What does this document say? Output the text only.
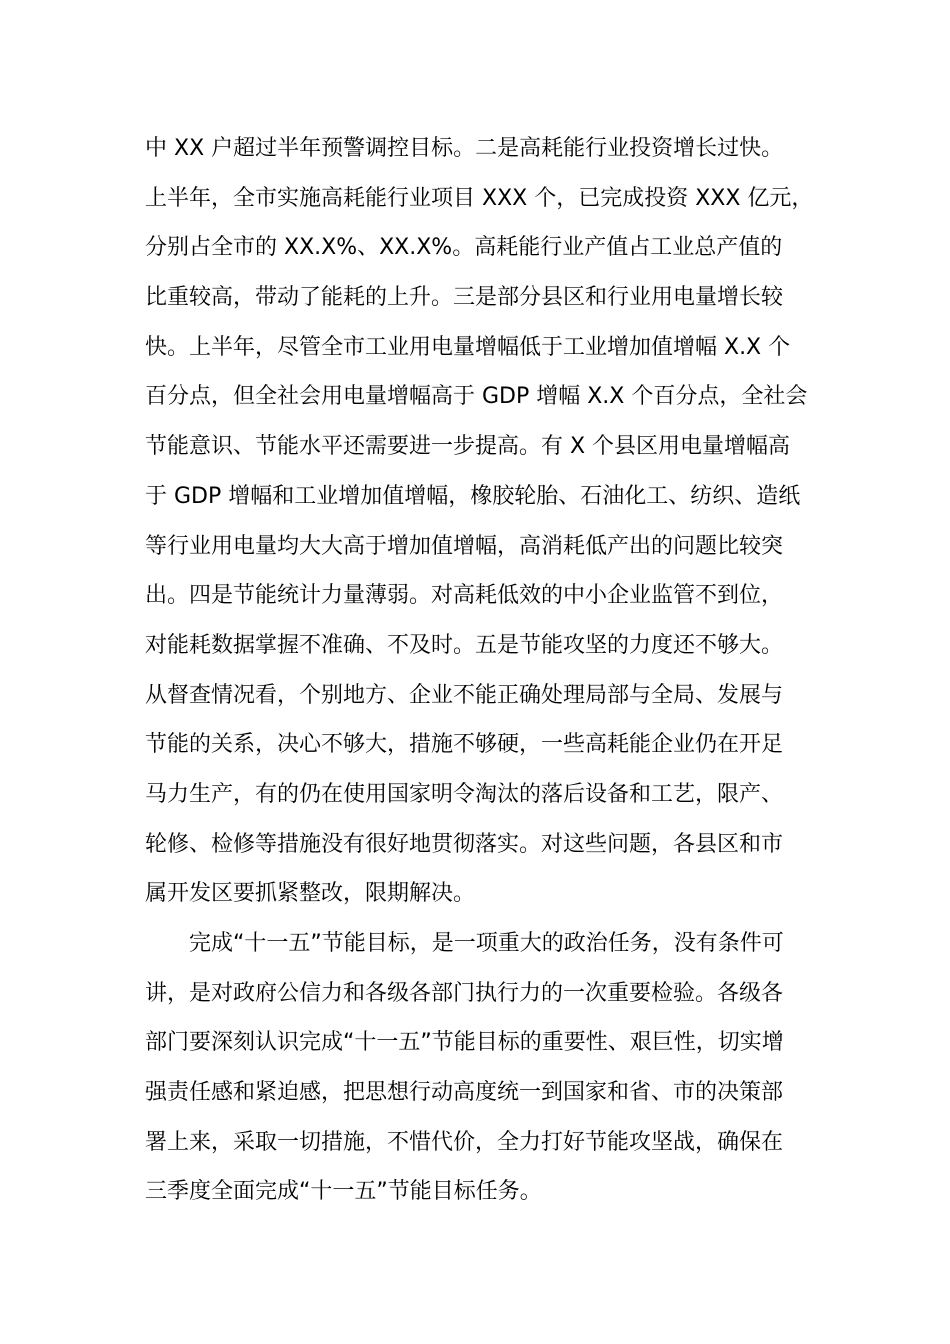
中 XX 户超过半年预警调控目标。二是高耗能行业投资增长过快。
上半年，全市实施高耗能行业项目 XXX 个，已完成投资 XXX 亿元，
分别占全市的 XX.X%、XX.X%。高耗能行业产值占工业总产值的
比重较高，带动了能耗的上升。三是部分县区和行业用电量增长较
快。上半年，尽管全市工业用电量增幅低于工业增加值增幅 X.X 个
百分点，但全社会用电量增幅高于 GDP 增幅 X.X 个百分点，全社会
节能意识、节能水平还需要进一步提高。有 X 个县区用电量增幅高
于 GDP 增幅和工业增加值增幅，橡胶轮胎、石油化工、纺织、造纸
等行业用电量均大大高于增加值增幅，高消耗低产出的问题比较突
出。四是节能统计力量薄弱。对高耗低效的中小企业监管不到位，
对能耗数据掌握不准确、不及时。五是节能攻坚的力度还不够大。
从督查情况看，个别地方、企业不能正确处理局部与全局、发展与
节能的关系，决心不够大，措施不够硬，一些高耗能企业仍在开足
马力生产，有的仍在使用国家明令淘汰的落后设备和工艺，限产、
轮修、检修等措施没有很好地贯彻落实。对这些问题，各县区和市
属开发区要抓紧整改，限期解决。
完成“十一五”节能目标，是一项重大的政治任务，没有条件可
讲，是对政府公信力和各级各部门执行力的一次重要检验。各级各
部门要深刻认识完成“十一五”节能目标的重要性、艰巨性，切实增
强责任感和紧迫感，把思想行动高度统一到国家和省、市的决策部
署上来，采取一切措施，不惜代价，全力打好节能攻坚战，确保在
三季度全面完成“十一五”节能目标任务。
